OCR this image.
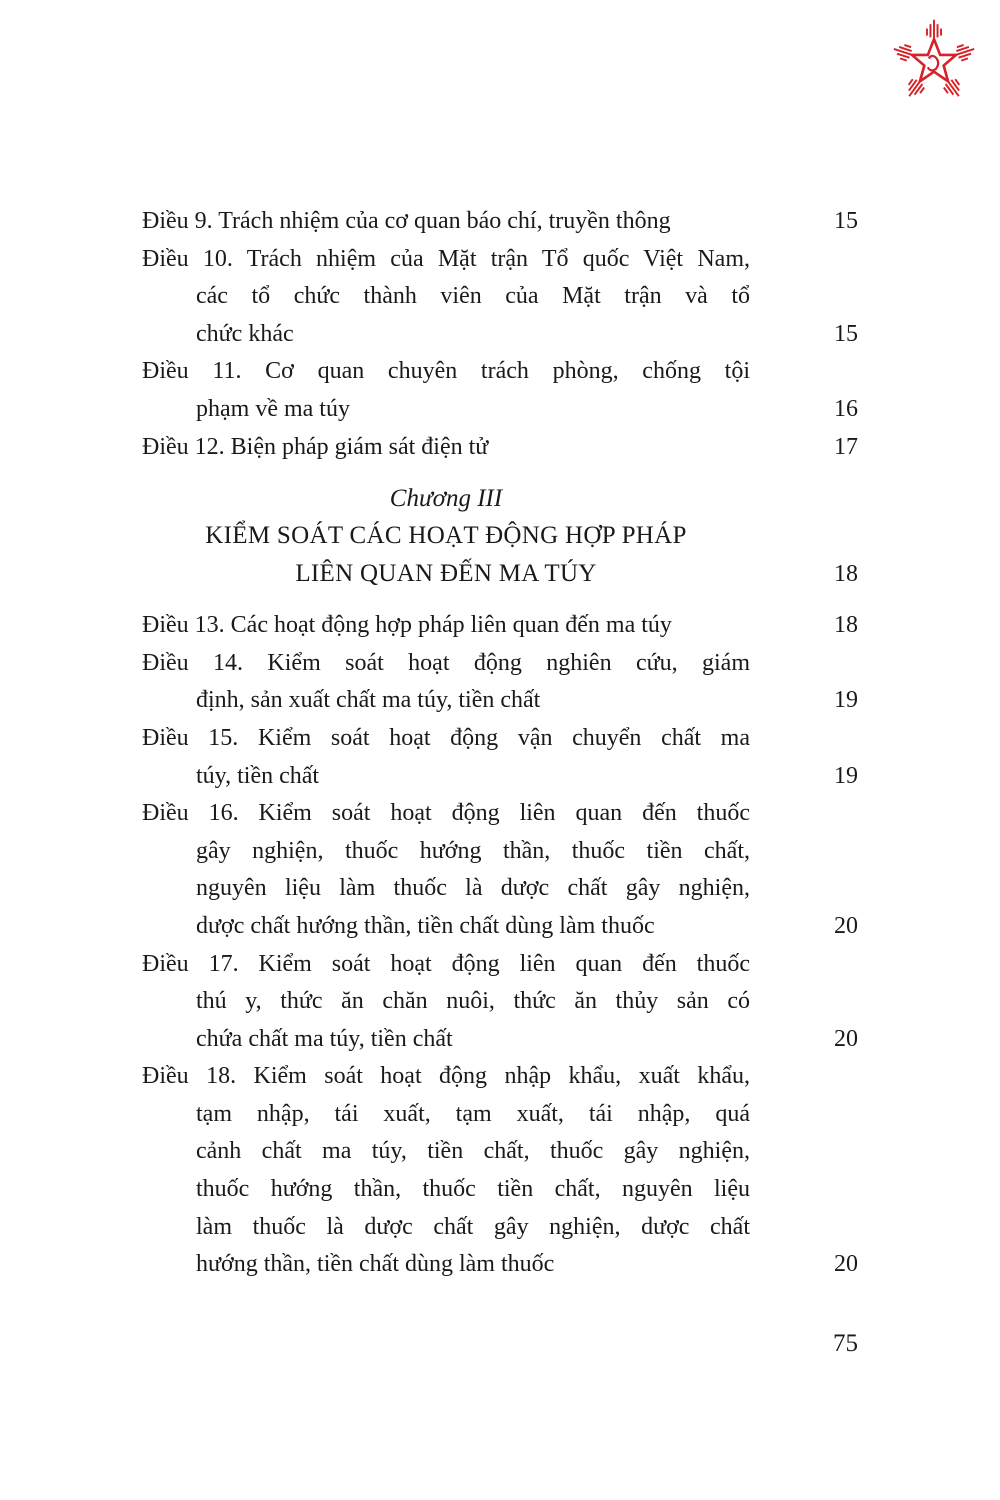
Điều 9. Trách nhiệm của cơ quan báo chí, truyền thông	15
Điều 10. Trách nhiệm của Mặt trận Tổ quốc Việt Nam,
các tổ chức thành viên của Mặt trận và tổ
chức khác	15
Điều 11. Cơ quan chuyên trách phòng, chống tội
phạm về ma túy	16
Điều 12. Biện pháp giám sát điện tử	17
Chương III
KIỂM SOÁT CÁC HOẠT ĐỘNG HỢP PHÁP
LIÊN QUAN ĐẾN MA TÚY	18
Điều 13. Các hoạt động hợp pháp liên quan đến ma túy	18
Điều 14. Kiểm soát hoạt động nghiên cứu, giám
định, sản xuất chất ma túy, tiền chất	19
Điều 15. Kiểm soát hoạt động vận chuyển chất ma
túy, tiền chất	19
Điều 16. Kiểm soát hoạt động liên quan đến thuốc
gây nghiện, thuốc hướng thần, thuốc tiền chất,
nguyên liệu làm thuốc là dược chất gây nghiện,
dược chất hướng thần, tiền chất dùng làm thuốc	20
Điều 17. Kiểm soát hoạt động liên quan đến thuốc
thú y, thức ăn chăn nuôi, thức ăn thủy sản có
chứa chất ma túy, tiền chất	20
Điều 18. Kiểm soát hoạt động nhập khẩu, xuất khẩu,
tạm nhập, tái xuất, tạm xuất, tái nhập, quá
cảnh chất ma túy, tiền chất, thuốc gây nghiện,
thuốc hướng thần, thuốc tiền chất, nguyên liệu
làm thuốc là dược chất gây nghiện, dược chất
hướng thần, tiền chất dùng làm thuốc	20
75
